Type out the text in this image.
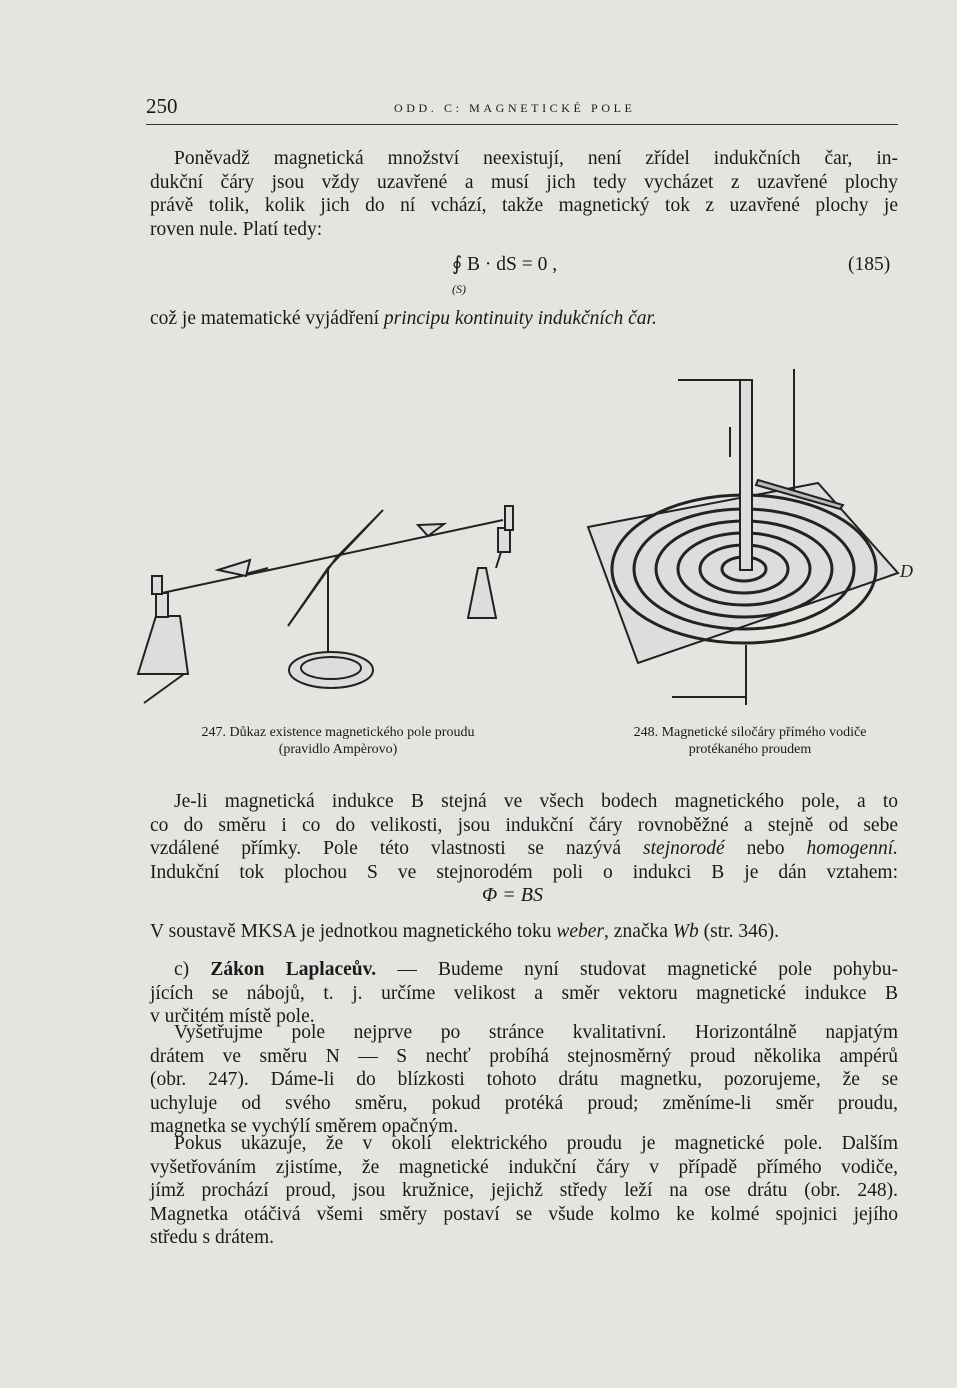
250	ODD. C: MAGNETICKÉ POLE

Poněvadž magnetická množství neexistují, není zřídel indukčních čar, in-
dukční čáry jsou vždy uzavřené a musí jich tedy vycházet z uzavřené plochy
právě tolik, kolik jich do ní vchází, takže magnetický tok z uzavřené plochy je
roven nule. Platí tedy:

∮ B · dS = 0 ,
(S)
(185)

což je matematické vyjádření principu kontinuity indukčních čar.

D
247. Důkaz existence magnetického pole proudu
(pravidlo Ampèrovo)
248. Magnetické siločáry přímého vodiče
protékaného proudem

Je-li magnetická indukce B stejná ve všech bodech magnetického pole, a to
co do směru i co do velikosti, jsou indukční čáry rovnoběžné a stejně od sebe
vzdálené přímky. Pole této vlastnosti se nazývá stejnorodé nebo homogenní.
Indukční tok plochou S ve stejnorodém poli o indukci B je dán vztahem:

Φ = BS

V soustavě MKSA je jednotkou magnetického toku weber, značka Wb (str. 346).

c) Zákon Laplaceův. — Budeme nyní studovat magnetické pole pohybu-
jících se nábojů, t. j. určíme velikost a směr vektoru magnetické indukce B
v určitém místě pole.

Vyšetřujme pole nejprve po stránce kvalitativní. Horizontálně napjatým
drátem ve směru N — S nechť probíhá stejnosměrný proud několika ampérů
(obr. 247). Dáme-li do blízkosti tohoto drátu magnetku, pozorujeme, že se
uchyluje od svého směru, pokud protéká proud; změníme-li směr proudu,
magnetka se vychýlí směrem opačným.

Pokus ukazuje, že v okolí elektrického proudu je magnetické pole. Dalším
vyšetřováním zjistíme, že magnetické indukční čáry v případě přímého vodiče,
jímž prochází proud, jsou kružnice, jejichž středy leží na ose drátu (obr. 248).
Magnetka otáčivá všemi směry postaví se všude kolmo ke kolmé spojnici jejího
středu s drátem.
